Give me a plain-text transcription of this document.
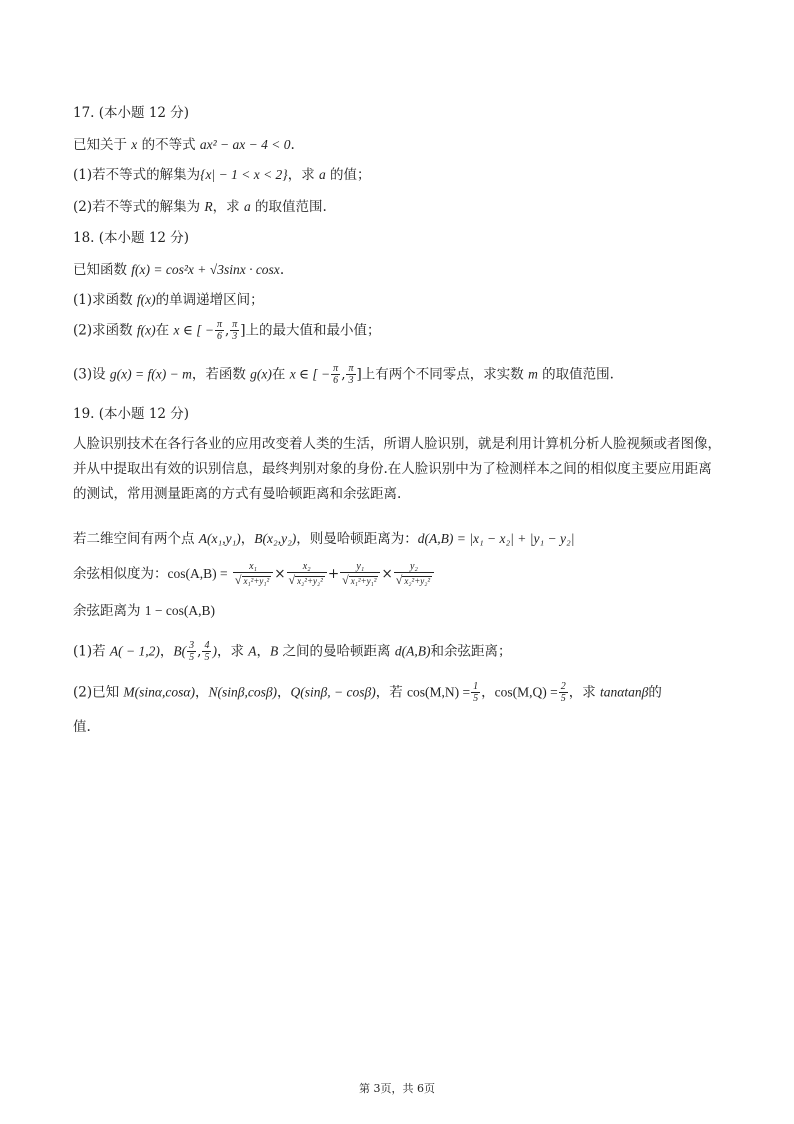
17. (本小题 12 分)
已知关于 x 的不等式 ax² − ax − 4 < 0.
(1)若不等式的解集为{x| − 1 < x < 2}，求 a 的值；
(2)若不等式的解集为 R，求 a 的取值范围.
18. (本小题 12 分)
已知函数 f(x) = cos²x + √3sinx · cosx.
(1)求函数 f(x)的单调递增区间；
(2)求函数 f(x)在 x ∈ [ − $\frac{\pi}{6}$ , $\frac{\pi}{3}$ ]上的最大值和最小值；
(3)设 g(x) = f(x) − m，若函数 g(x)在 x ∈ [ − $\frac{\pi}{6}$ , $\frac{\pi}{3}$ ]上有两个不同零点，求实数 m 的取值范围.
19. (本小题 12 分)
人脸识别技术在各行各业的应用改变着人类的生活，所谓人脸识别，就是利用计算机分析人脸视频或者图像，并从中提取出有效的识别信息，最终判别对象的身份.在人脸识别中为了检测样本之间的相似度主要应用距离的测试，常用测量距离的方式有曼哈顿距离和余弦距离.
若二维空间有两个点 A(x₁,y₁)，B(x₂,y₂)，则曼哈顿距离为：d(A,B) = |x₁ − x₂| + |y₁ − y₂|
余弦相似度为：$\cos(A,B) = \frac{\text{x₁}}{\text{√ x₁²+y₁²}} \times \frac{\text{x₂}}{\text{√ x₂²+y₂²}} + \frac{\text{y₁}}{\text{√ x₁²+y₁²}} \times \frac{\text{y₂}}{\text{√ x₂²+y₂²}}$
余弦距离为 1 − cos(A,B)
(1)若 A( − 1,2)，$B( \frac{3}{5}$ , $\frac{4}{5}$ )，求 A，B 之间的曼哈顿距离 d(A,B)和余弦距离；
(2)已知 M(sinα,cosα)，N(sinβ,cosβ)，Q(sinβ, − cosβ)，若 $\cos(M,N) = \frac{1}{5}$ ，$\cos(M,Q) = \frac{2}{5}$ ，求 tanαtanβ的
值.
第 3页，共 6页
